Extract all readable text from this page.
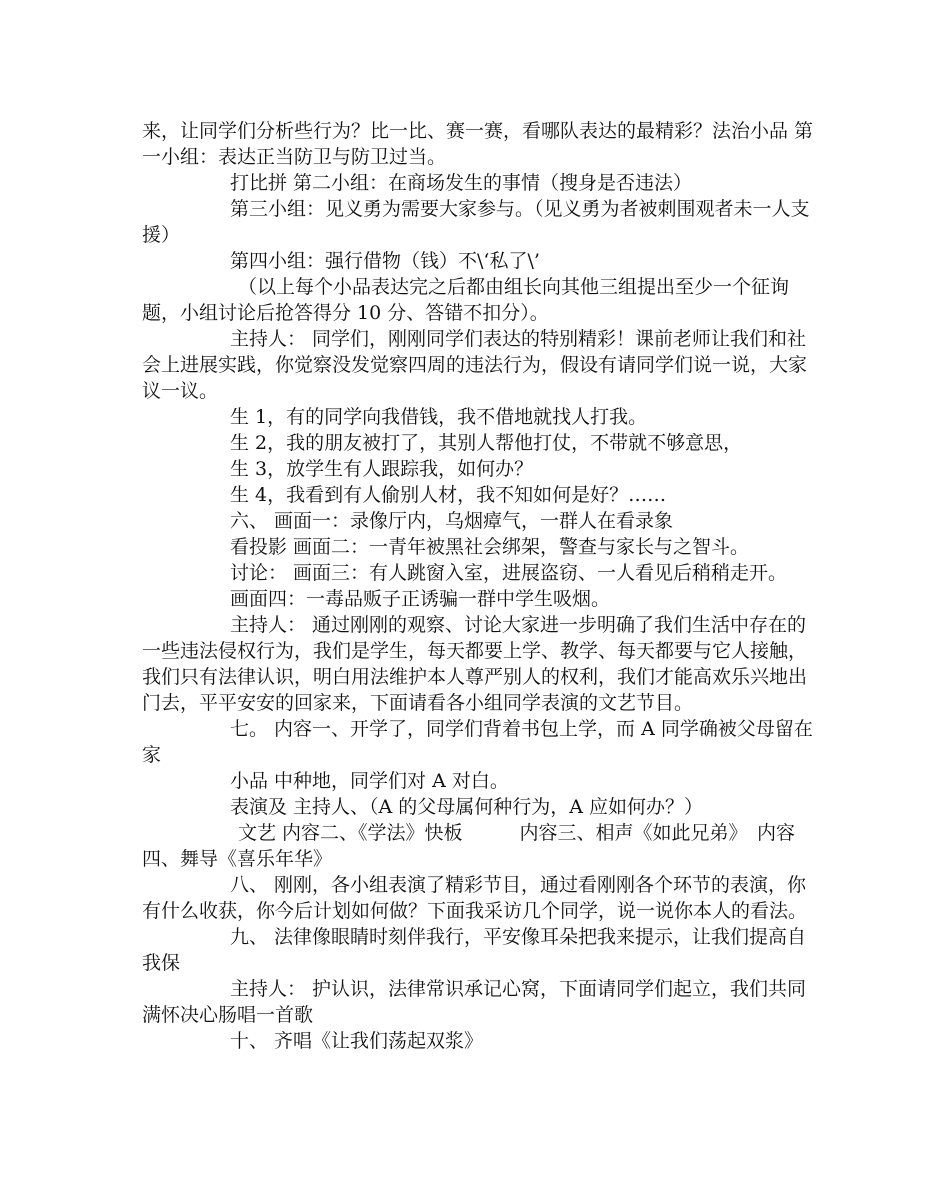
来，让同学们分析些行为？比一比、赛一赛，看哪队表达的最精彩？法治小品 第一小组：表达正当防卫与防卫过当。

打比拼 第二小组：在商场发生的事情（搜身是否违法）

第三小组：见义勇为需要大家参与。（见义勇为者被刺围观者未一人支援）

第四小组：强行借物（钱）不\‘私了\’

（以上每个小品表达完之后都由组长向其他三组提出至少一个征询题，小组讨论后抢答得分 10 分、答错不扣分）。

主持人： 同学们，刚刚同学们表达的特别精彩！课前老师让我们和社会上进展实践，你觉察没发觉察四周的违法行为，假设有请同学们说一说，大家议一议。

生 1，有的同学向我借钱，我不借地就找人打我。

生 2，我的朋友被打了，其别人帮他打仗，不带就不够意思，

生 3，放学生有人跟踪我，如何办？

生 4，我看到有人偷别人材，我不知如何是好？……

六、 画面一：录像厅内，乌烟瘴气，一群人在看录象

看投影 画面二：一青年被黑社会绑架，警查与家长与之智斗。

讨论： 画面三：有人跳窗入室，进展盗窃、一人看见后稍稍走开。

画面四：一毒品贩子正诱骗一群中学生吸烟。

主持人： 通过刚刚的观察、讨论大家进一步明确了我们生活中存在的一些违法侵权行为，我们是学生，每天都要上学、教学、每天都要与它人接触，我们只有法律认识，明白用法维护本人尊严别人的权利，我们才能高欢乐兴地出门去，平平安安的回家来，下面请看各小组同学表演的文艺节目。

七。 内容一、开学了，同学们背着书包上学，而 A 同学确被父母留在家

小品 中种地，同学们对 A 对白。

表演及 主持人、（A 的父母属何种行为，A 应如何办？）

文艺 内容二、《学法》快板　　　内容三、相声《如此兄弟》　内容四、舞导《喜乐年华》

八、 刚刚，各小组表演了精彩节目，通过看刚刚各个环节的表演，你有什么收获，你今后计划如何做？下面我采访几个同学，说一说你本人的看法。

九、 法律像眼睛时刻伴我行，平安像耳朵把我来提示，让我们提高自我保

主持人： 护认识，法律常识承记心窝，下面请同学们起立，我们共同满怀决心肠唱一首歌

十、 齐唱《让我们荡起双浆》
